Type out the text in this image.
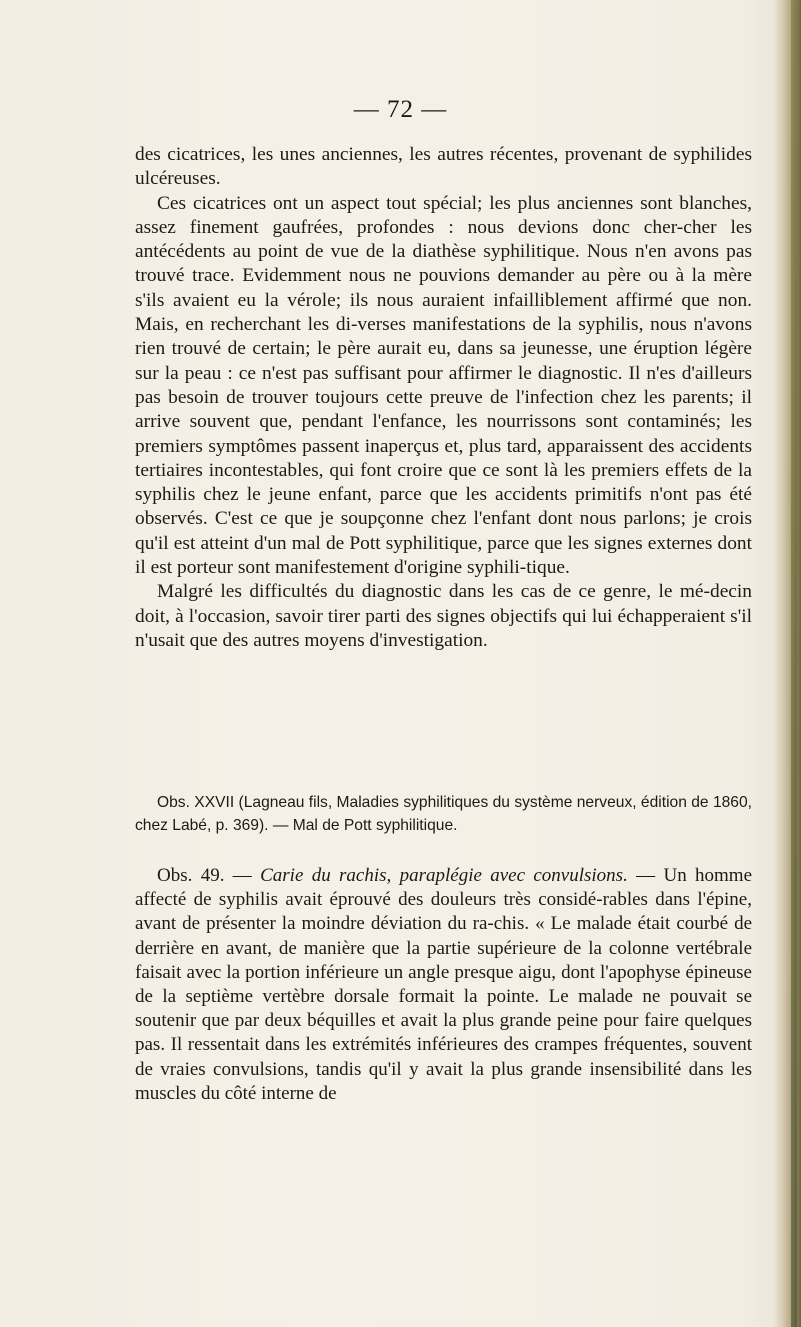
— 72 —

des cicatrices, les unes anciennes, les autres récentes, provenant de syphilides ulcéreuses.

Ces cicatrices ont un aspect tout spécial; les plus anciennes sont blanches, assez finement gaufrées, profondes : nous devions donc cher-cher les antécédents au point de vue de la diathèse syphilitique. Nous n'en avons pas trouvé trace. Evidemment nous ne pouvions demander au père ou à la mère s'ils avaient eu la vérole; ils nous auraient infailliblement affirmé que non. Mais, en recherchant les di-verses manifestations de la syphilis, nous n'avons rien trouvé de certain; le père aurait eu, dans sa jeunesse, une éruption légère sur la peau : ce n'est pas suffisant pour affirmer le diagnostic. Il n'es d'ailleurs pas besoin de trouver toujours cette preuve de l'infection chez les parents; il arrive souvent que, pendant l'enfance, les nourrissons sont contaminés; les premiers symptômes passent inaperçus et, plus tard, apparaissent des accidents tertiaires incontestables, qui font croire que ce sont là les premiers effets de la syphilis chez le jeune enfant, parce que les accidents primitifs n'ont pas été observés. C'est ce que je soupçonne chez l'enfant dont nous parlons; je crois qu'il est atteint d'un mal de Pott syphilitique, parce que les signes externes dont il est porteur sont manifestement d'origine syphili-tique.

Malgré les difficultés du diagnostic dans les cas de ce genre, le mé-decin doit, à l'occasion, savoir tirer parti des signes objectifs qui lui échapperaient s'il n'usait que des autres moyens d'investigation.

Obs. XXVII (Lagneau fils, Maladies syphilitiques du système nerveux, édition de 1860, chez Labé, p. 369). — Mal de Pott syphilitique.

Obs. 49. — Carie du rachis, paraplégie avec convulsions. — Un homme affecté de syphilis avait éprouvé des douleurs très considé-rables dans l'épine, avant de présenter la moindre déviation du ra-chis. « Le malade était courbé de derrière en avant, de manière que la partie supérieure de la colonne vertébrale faisait avec la portion inférieure un angle presque aigu, dont l'apophyse épineuse de la septième vertèbre dorsale formait la pointe. Le malade ne pouvait se soutenir que par deux béquilles et avait la plus grande peine pour faire quelques pas. Il ressentait dans les extrémités inférieures des crampes fréquentes, souvent de vraies convulsions, tandis qu'il y avait la plus grande insensibilité dans les muscles du côté interne de
